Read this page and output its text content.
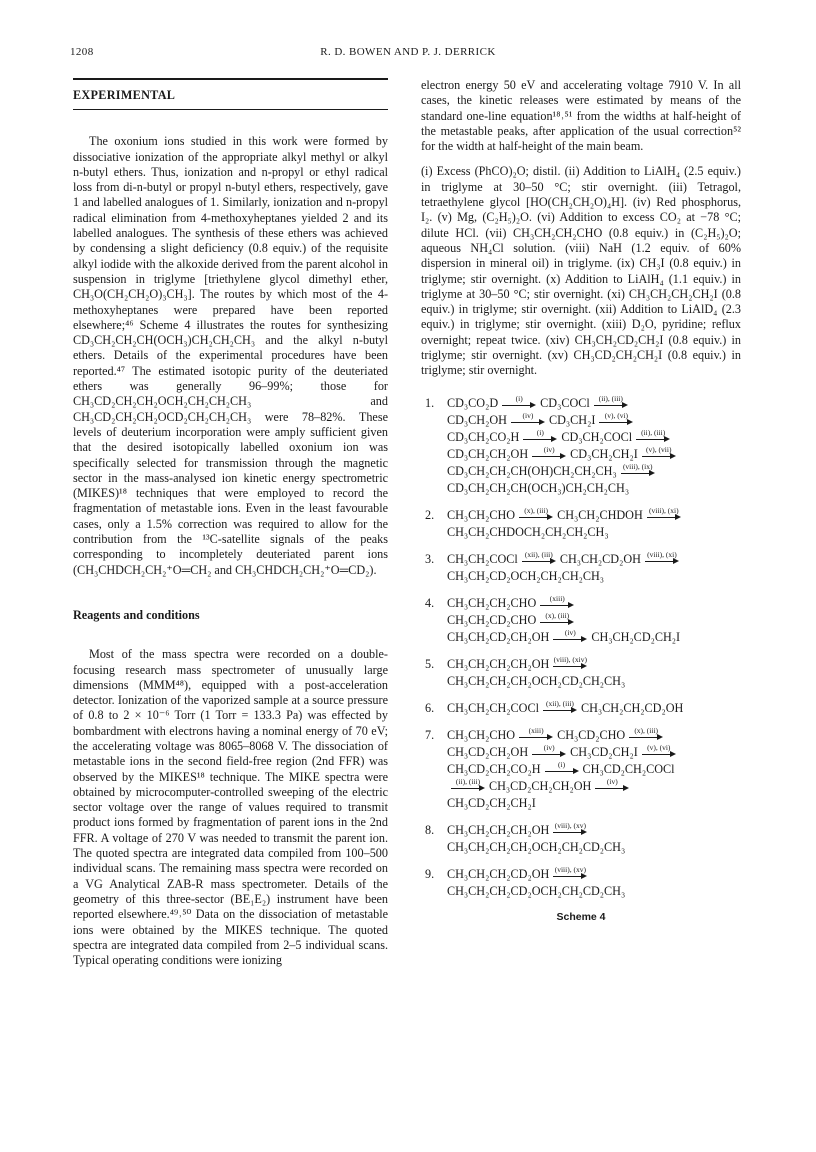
1208	R. D. BOWEN AND P. J. DERRICK
EXPERIMENTAL

The oxonium ions studied in this work were formed by dissociative ionization of the appropriate alkyl methyl or alkyl n-butyl ethers. Thus, ionization and n-propyl or ethyl radical loss from di-n-butyl or propyl n-butyl ethers, respectively, gave 1 and labelled analogues of 1. Similarly, ionization and n-propyl radical elimination from 4-methoxyheptanes yielded 2 and its labelled analogues. The synthesis of these ethers was achieved by condensing a slight deficiency (0.8 equiv.) of the requisite alkyl iodide with the alkoxide derived from the parent alcohol in suspension in triglyme [triethylene glycol dimethyl ether, CH₃O(CH₂CH₂O)₃CH₃]. The routes by which most of the 4-methoxyheptanes were prepared have been reported elsewhere;⁴⁶ Scheme 4 illustrates the routes for synthesizing CD₃CH₂CH₂CH(OCH₃)CH₂CH₂CH₃ and the alkyl n-butyl ethers. Details of the experimental procedures have been reported.⁴⁷ The estimated isotopic purity of the deuteriated ethers was generally 96–99%; those for CH₃CD₂CH₂CH₂OCH₂CH₂CH₂CH₃ and CH₃CD₂CH₂CH₂OCD₂CH₂CH₂CH₃ were 78–82%. These levels of deuterium incorporation were amply sufficient given that the desired isotopically labelled oxonium ion was specifically selected for transmission through the magnetic sector in the mass-analysed ion kinetic energy spectrometric (MIKES)¹⁸ techniques that were employed to record the fragmentation of metastable ions. Even in the least favourable cases, only a 1.5% correction was required to allow for the contribution from the ¹³C-satellite signals of the peaks corresponding to incompletely deuteriated parent ions (CH₃CHDCH₂CH₂⁺O═CH₂ and CH₃CHDCH₂CH₂⁺O═CD₂).

Reagents and conditions

Most of the mass spectra were recorded on a double-focusing research mass spectrometer of unusually large dimensions (MMM⁴⁸), equipped with a post-acceleration detector. Ionization of the vaporized sample at a source pressure of 0.8 to 2 × 10⁻⁶ Torr (1 Torr = 133.3 Pa) was effected by bombardment with electrons having a nominal energy of 70 eV; the accelerating voltage was 8065–8068 V. The dissociation of metastable ions in the second field-free region (2nd FFR) was observed by the MIKES¹⁸ technique. The MIKE spectra were obtained by microcomputer-controlled sweeping of the electric sector voltage over the range of values required to transmit product ions formed by fragmentation of parent ions in the 2nd FFR. A voltage of 270 V was needed to transmit the parent ion. The quoted spectra are integrated data compiled from 100–500 individual scans. The remaining mass spectra were recorded on a VG Analytical ZAB-R mass spectrometer. Details of the geometry of this three-sector (BE₁E₂) instrument have been reported elsewhere.⁴⁹˒⁵⁰ Data on the dissociation of metastable ions were obtained by the MIKES technique. The quoted spectra are integrated data compiled from 2–5 individual scans. Typical operating conditions were ionizing

electron energy 50 eV and accelerating voltage 7910 V. In all cases, the kinetic releases were estimated by means of the standard one-line equation¹⁸˒⁵¹ from the widths at half-height of the metastable peaks, after application of the usual correction⁵² for the width at half-height of the main beam.

(i) Excess (PhCO)₂O; distil. (ii) Addition to LiAlH₄ (2.5 equiv.) in triglyme at 30–50 °C; stir overnight. (iii) Tetragol, tetraethylene glycol [HO(CH₂CH₂O)₄H]. (iv) Red phosphorus, I₂. (v) Mg, (C₂H₅)₂O. (vi) Addition to excess CO₂ at −78 °C; dilute HCl. (vii) CH₃CH₂CH₂CHO (0.8 equiv.) in (C₂H₅)₂O; aqueous NH₄Cl solution. (viii) NaH (1.2 equiv. of 60% dispersion in mineral oil) in triglyme. (ix) CH₃I (0.8 equiv.) in triglyme; stir overnight. (x) Addition to LiAlH₄ (1.1 equiv.) in triglyme at 30–50 °C; stir overnight. (xi) CH₃CH₂CH₂CH₂I (0.8 equiv.) in triglyme; stir overnight. (xii) Addition to LiAlD₄ (2.3 equiv.) in triglyme; stir overnight. (xiii) D₂O, pyridine; reflux overnight; repeat twice. (xiv) CH₃CH₂CD₂CH₂I (0.8 equiv.) in triglyme; stir overnight. (xv) CH₃CD₂CH₂CH₂I (0.8 equiv.) in triglyme; stir overnight.

1. CD₃CO₂D	(i)	CD₃COCl	(ii), (iii)
CD₃CH₂OH	(iv)	CD₃CH₂I	(v), (vi)
CD₃CH₂CO₂H	(i)	CD₃CH₂COCl	(ii), (iii)
CD₃CH₂CH₂OH	(iv)	CD₃CH₂CH₂I	(v), (vii)
CD₃CH₂CH₂CH(OH)CH₂CH₂CH₃ (viii), (ix)
CD₃CH₂CH₂CH(OCH₃)CH₂CH₂CH₃
2. CH₃CH₂CHO	(x), (iii) CH₃CH₂CHDOH (viii), (xi)
CH₃CH₂CHDOCH₂CH₂CH₂CH₃
3. CH₃CH₂COCl (xii), (iii) CH₃CH₂CD₂OH (viii), (xi)
CH₃CH₂CD₂OCH₂CH₂CH₂CH₃
4. CH₃CH₂CH₂CHO	(xiii)
CH₃CH₂CD₂CHO	(x), (iii)
CH₃CH₂CD₂CH₂OH	(iv)	CH₃CH₂CD₂CH₂I
5. CH₃CH₂CH₂CH₂OH (viii), (xiv)
CH₃CH₂CH₂CH₂OCH₂CD₂CH₂CH₃
6. CH₃CH₂CH₂COCl (xii), (iii) CH₃CH₂CH₂CD₂OH
7. CH₃CH₂CHO	(xiii)	CH₃CD₂CHO	(x), (iii)
CH₃CD₂CH₂OH	(iv)	CH₃CD₂CH₂I	(v), (vi)
CH₃CD₂CH₂CO₂H	(i)	CH₃CD₂CH₂COCl
(ii), (iii) CH₃CD₂CH₂CH₂OH	(iv)
CH₃CD₂CH₂CH₂I
8. CH₃CH₂CH₂CH₂OH (viii), (xv)
CH₃CH₂CH₂CH₂OCH₂CH₂CD₂CH₃
9. CH₃CH₂CH₂CD₂OH (viii), (xv)
CH₃CH₂CH₂CD₂OCH₂CH₂CD₂CH₃
Scheme 4
